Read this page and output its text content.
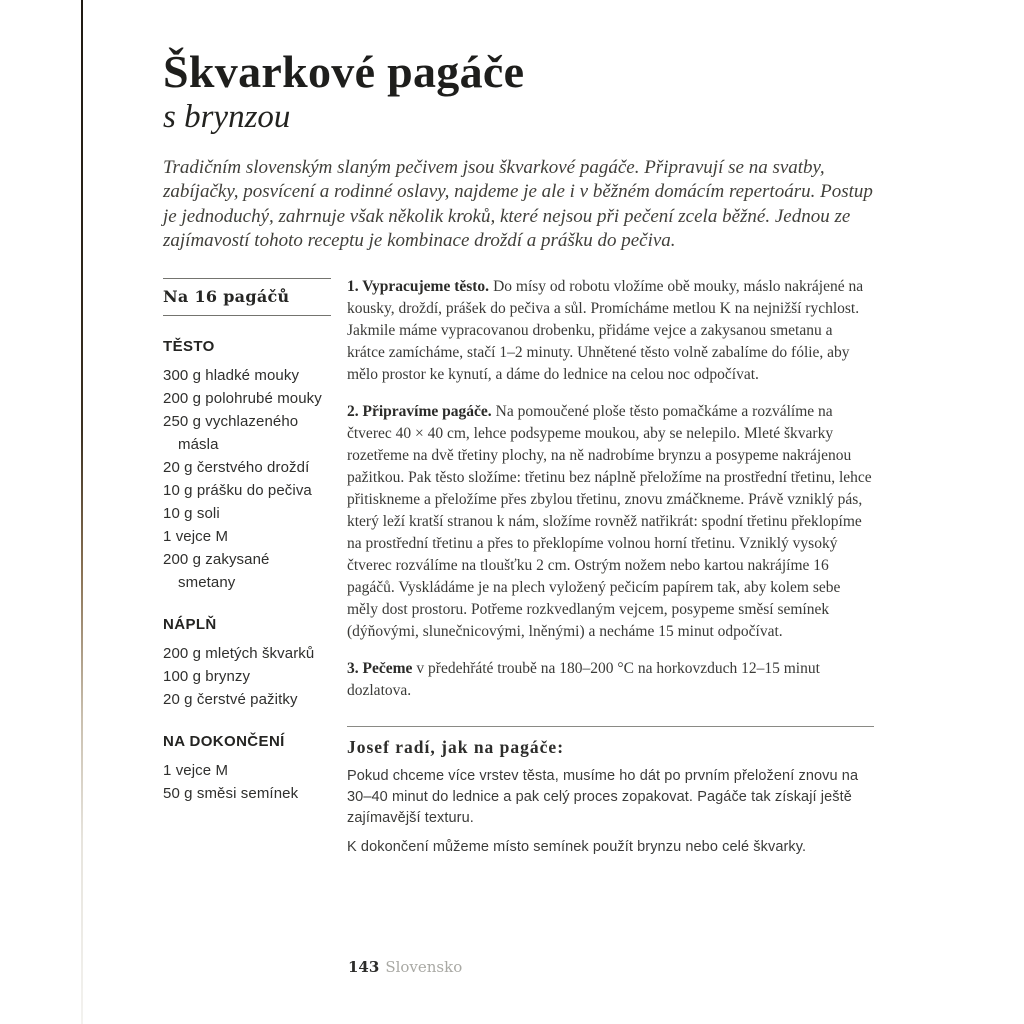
Škvarkové pagáče
s brynzou

Tradičním slovenským slaným pečivem jsou škvarkové pagáče. Připravují se na svatby, zabíjačky, posvícení a rodinné oslavy, najdeme je ale i v běžném domácím repertoáru. Postup je jednoduchý, zahrnuje však několik kroků, které nejsou při pečení zcela běžné. Jednou ze zajímavostí tohoto receptu je kombinace droždí a prášku do pečiva.

Na 16 pagáčů
TĚSTO
300 g hladké mouky
200 g polohrubé mouky
250 g vychlazeného másla
20 g čerstvého droždí
10 g prášku do pečiva
10 g soli
1 vejce M
200 g zakysané smetany
NÁPLŇ
200 g mletých škvarků
100 g brynzy
20 g čerstvé pažitky
NA DOKONČENÍ
1 vejce M
50 g směsi semínek

1. Vypracujeme těsto. Do mísy od robotu vložíme obě mouky, máslo nakrájené na kousky, droždí, prášek do pečiva a sůl. Promícháme metlou K na nejnižší rychlost. Jakmile máme vypracovanou drobenku, přidáme vejce a zakysanou smetanu a krátce zamícháme, stačí 1–2 minuty. Uhnětené těsto volně zabalíme do fólie, aby mělo prostor ke kynutí, a dáme do lednice na celou noc odpočívat.

2. Připravíme pagáče. Na pomoučené ploše těsto pomačkáme a rozválíme na čtverec 40 × 40 cm, lehce podsypeme moukou, aby se nelepilo. Mleté škvarky rozetřeme na dvě třetiny plochy, na ně nadrobíme brynzu a posypeme nakrájenou pažitkou. Pak těsto složíme: třetinu bez náplně přeložíme na prostřední třetinu, lehce přitiskneme a přeložíme přes zbylou třetinu, znovu zmáčkneme. Právě vzniklý pás, který leží kratší stranou k nám, složíme rovněž natřikrát: spodní třetinu překlopíme na prostřední třetinu a přes to překlopíme volnou horní třetinu. Vzniklý vysoký čtverec rozválíme na tloušťku 2 cm. Ostrým nožem nebo kartou nakrájíme 16 pagáčů. Vyskládáme je na plech vyložený pečicím papírem tak, aby kolem sebe měly dost prostoru. Potřeme rozkvedlaným vejcem, posypeme směsí semínek (dýňovými, slunečnicovými, lněnými) a necháme 15 minut odpočívat.

3. Pečeme v předehřáté troubě na 180–200 °C na horkovzduch 12–15 minut dozlatova.

Josef radí, jak na pagáče:

Pokud chceme více vrstev těsta, musíme ho dát po prvním přeložení znovu na 30–40 minut do lednice a pak celý proces zopakovat. Pagáče tak získají ještě zajímavější texturu.

K dokončení můžeme místo semínek použít brynzu nebo celé škvarky.

143 Slovensko
